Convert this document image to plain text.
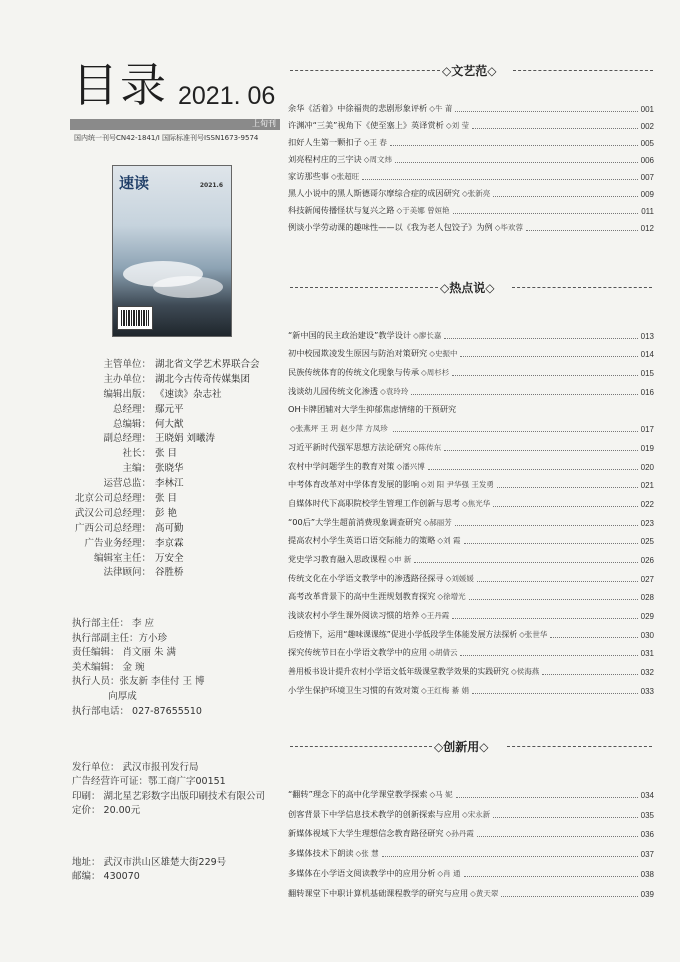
目录 2021. 06
上旬刊
国内统一刊号CN42-1841/I 国际标准刊号ISSN1673-9574
速读	2021.6
主管单位： 湖北省文学艺术界联合会
主办单位： 湖北今古传奇传媒集团
编辑出版： 《速读》杂志社
总经理： 鄢元平
总编辑： 何大猷
副总经理： 王晓娟 刘曦涛
社长： 张 目
主编： 张晓华
运营总监： 李林江
北京公司总经理： 张 目
武汉公司总经理： 彭 艳
广西公司总经理： 高可勤
广告业务经理： 李京霖
编辑室主任： 万安全
法律顾问： 谷胜桥
执行部主任： 李 应
执行部副主任：方小珍
责任编辑： 肖文丽 朱 满
美术编辑： 金 琬
执行人员：张友新 李佳付 王 博
向厚成
执行部电话： 027-87655510
发行单位： 武汉市报刊发行局
广告经营许可证：鄂工商广字00151
印刷： 湖北星艺彩数字出版印刷技术有限公司
定价： 20.00元
地址： 武汉市洪山区雄楚大街229号
邮编： 430070
◇文艺范◇
◇热点说◇
◇创新用◇
余华《活着》中徐福贵的悲剧形象评析 ◇牛 莆	001
许渊冲“三美”视角下《使至塞上》英译赏析 ◇刘 莹	002
扣好人生第一颗扣子 ◇王 春	005
刘亮程村庄的三字诀 ◇周文炜	006
家访那些事 ◇张超旺	007
黑人小说中的黑人斯德哥尔摩综合症的成因研究 ◇张新亮	009
科技新闻传播怪状与复兴之路 ◇于美娜 曾姮艳	011
例谈小学劳动课的趣味性——以《我为老人包饺子》为例 ◇毕欢蓉	012
“新中国的民主政治建设”教学设计 ◇廖长嘉	013
初中校园欺凌发生原因与防治对策研究 ◇史振中	014
民族传统体育的传统文化现象与传承 ◇周杉杉	015
浅谈幼儿园传统文化渗透 ◇袁玲玲	016
OH卡牌团辅对大学生抑郁焦虑情绪的干预研究
◇张燕坪 王 玥 赵少萍 方凤珍	017
习近平新时代强军思想方法论研究 ◇陈传东	019
农村中学问题学生的教育对策 ◇潘兴博	020
中考体育改革对中学体育发展的影响 ◇刘 阳 尹华强 王发勇	021
自媒体时代下高职院校学生管理工作创新与思考 ◇焦光华	022
“00后”大学生超前消费现象调查研究 ◇郝丽芳	023
提高农村小学生英语口语交际能力的策略 ◇刘 霞	025
党史学习教育融入思政课程 ◇申 新	026
传统文化在小学语文教学中的渗透路径探寻 ◇刘媛媛	027
高考改革背景下的高中生涯规划教育探究 ◇徐增光	028
浅谈农村小学生课外阅读习惯的培养 ◇王丹霞	029
后疫情下，运用“趣味课课练”促进小学低段学生体能发展方法探析 ◇张世华	030
探究传统节日在小学语文教学中的应用 ◇胡倩云	031
善用板书设计提升农村小学语文低年级课堂教学效果的实践研究 ◇侯海燕	032
小学生保护环境卫生习惯的有效对策 ◇王红梅 綦 娟	033
“翻转”理念下的高中化学课堂教学探索 ◇马 妮	034
创客背景下中学信息技术教学的创新探索与应用 ◇宋永新	035
新媒体视域下大学生理想信念教育路径研究 ◇孙丹霞	036
多媒体技术下朗读 ◇张 慧	037
多媒体在小学语文阅读教学中的应用分析 ◇肖 通	038
翻转课堂下中职计算机基础课程教学的研究与应用 ◇黄天翠	039
